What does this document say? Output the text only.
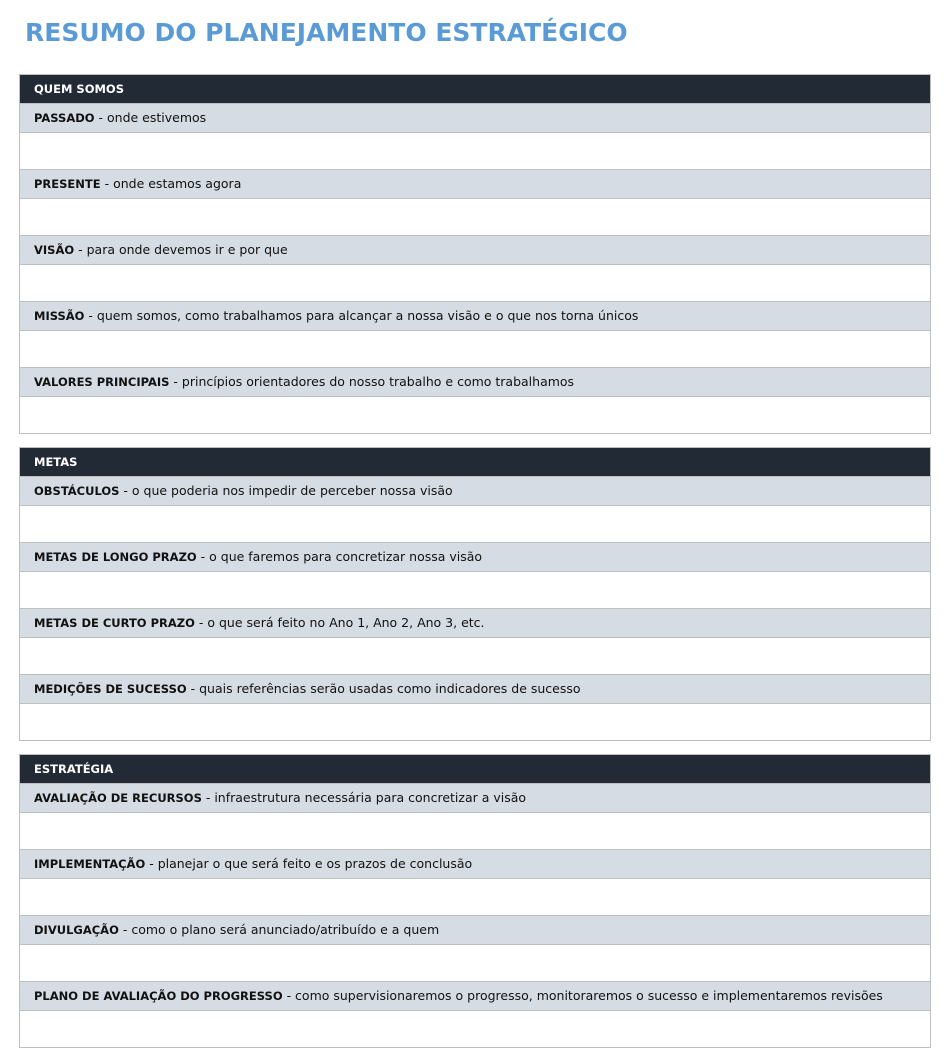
RESUMO DO PLANEJAMENTO ESTRATÉGICO
QUEM SOMOS
PASSADO - onde estivemos
PRESENTE - onde estamos agora
VISÃO - para onde devemos ir e por que
MISSÃO - quem somos, como trabalhamos para alcançar a nossa visão e o que nos torna únicos
VALORES PRINCIPAIS - princípios orientadores do nosso trabalho e como trabalhamos
METAS
OBSTÁCULOS - o que poderia nos impedir de perceber nossa visão
METAS DE LONGO PRAZO - o que faremos para concretizar nossa visão
METAS DE CURTO PRAZO - o que será feito no Ano 1, Ano 2, Ano 3, etc.
MEDIÇÕES DE SUCESSO - quais referências serão usadas como indicadores de sucesso
ESTRATÉGIA
AVALIAÇÃO DE RECURSOS - infraestrutura necessária para concretizar a visão
IMPLEMENTAÇÃO - planejar o que será feito e os prazos de conclusão
DIVULGAÇÃO - como o plano será anunciado/atribuído e a quem
PLANO DE AVALIAÇÃO DO PROGRESSO - como supervisionaremos o progresso, monitoraremos o sucesso e implementaremos revisões
